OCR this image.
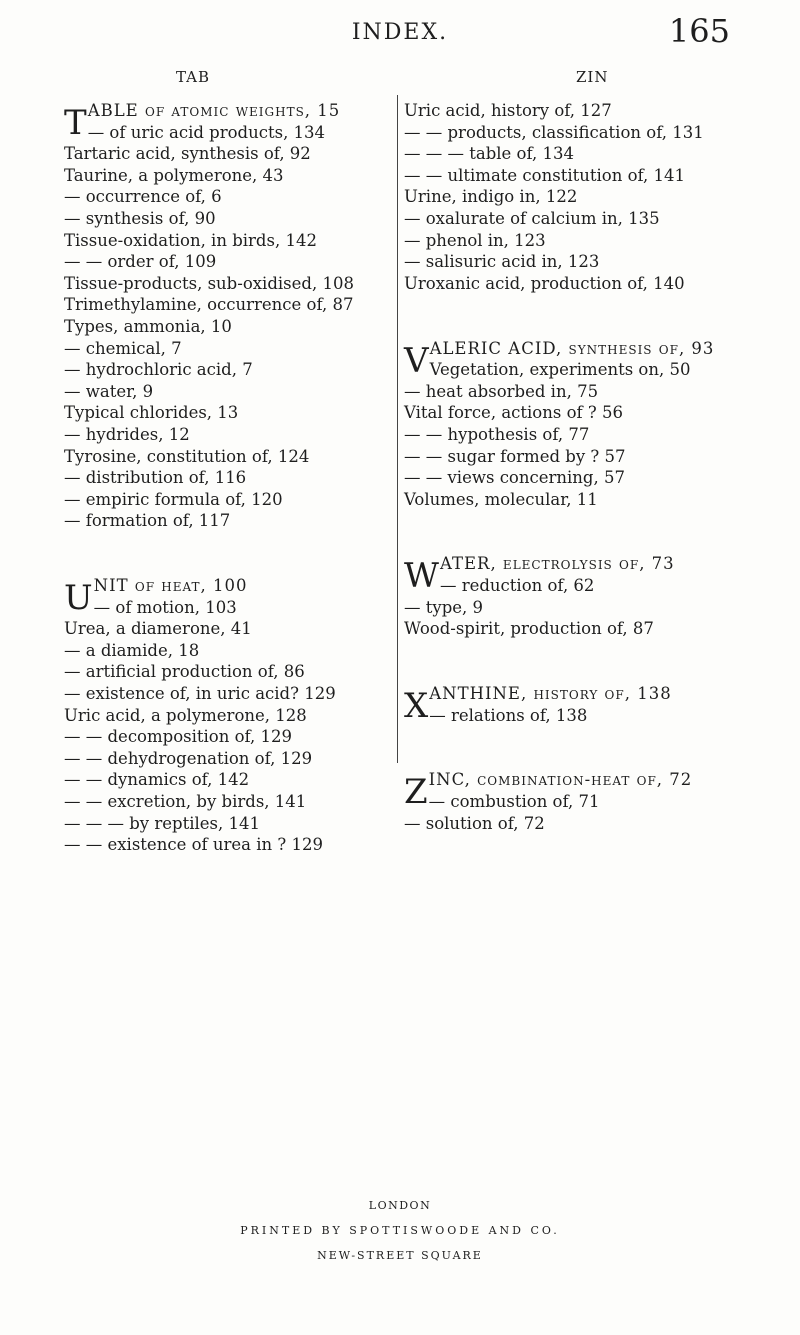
INDEX.	165
TAB	ZIN
TABLE of atomic weights, 15
— of uric acid products, 134
Tartaric acid, synthesis of, 92
Taurine, a polymerone, 43
— occurrence of, 6
— synthesis of, 90
Tissue-oxidation, in birds, 142
— — order of, 109
Tissue-products, sub-oxidised, 108
Trimethylamine, occurrence of, 87
Types, ammonia, 10
— chemical, 7
— hydrochloric acid, 7
— water, 9
Typical chlorides, 13
— hydrides, 12
Tyrosine, constitution of, 124
— distribution of, 116
— empiric formula of, 120
— formation of, 117
UNIT of heat, 100
— of motion, 103
Urea, a diamerone, 41
— a diamide, 18
— artificial production of, 86
— existence of, in uric acid? 129
Uric acid, a polymerone, 128
— — decomposition of, 129
— — dehydrogenation of, 129
— — dynamics of, 142
— — excretion, by birds, 141
— — — by reptiles, 141
— — existence of urea in ? 129
Uric acid, history of, 127
— — products, classification of, 131
— — — table of, 134
— — ultimate constitution of, 141
Urine, indigo in, 122
— oxalurate of calcium in, 135
— phenol in, 123
— salisuric acid in, 123
Uroxanic acid, production of, 140
VALERIC ACID, synthesis of, 93
Vegetation, experiments on, 50
— heat absorbed in, 75
Vital force, actions of ? 56
— — hypothesis of, 77
— — sugar formed by ? 57
— — views concerning, 57
Volumes, molecular, 11
WATER, electrolysis of, 73
— reduction of, 62
— type, 9
Wood-spirit, production of, 87
XANTHINE, history of, 138
— relations of, 138
ZINC, combination-heat of, 72
— combustion of, 71
— solution of, 72
LONDON
PRINTED BY SPOTTISWOODE AND CO.
NEW-STREET SQUARE
